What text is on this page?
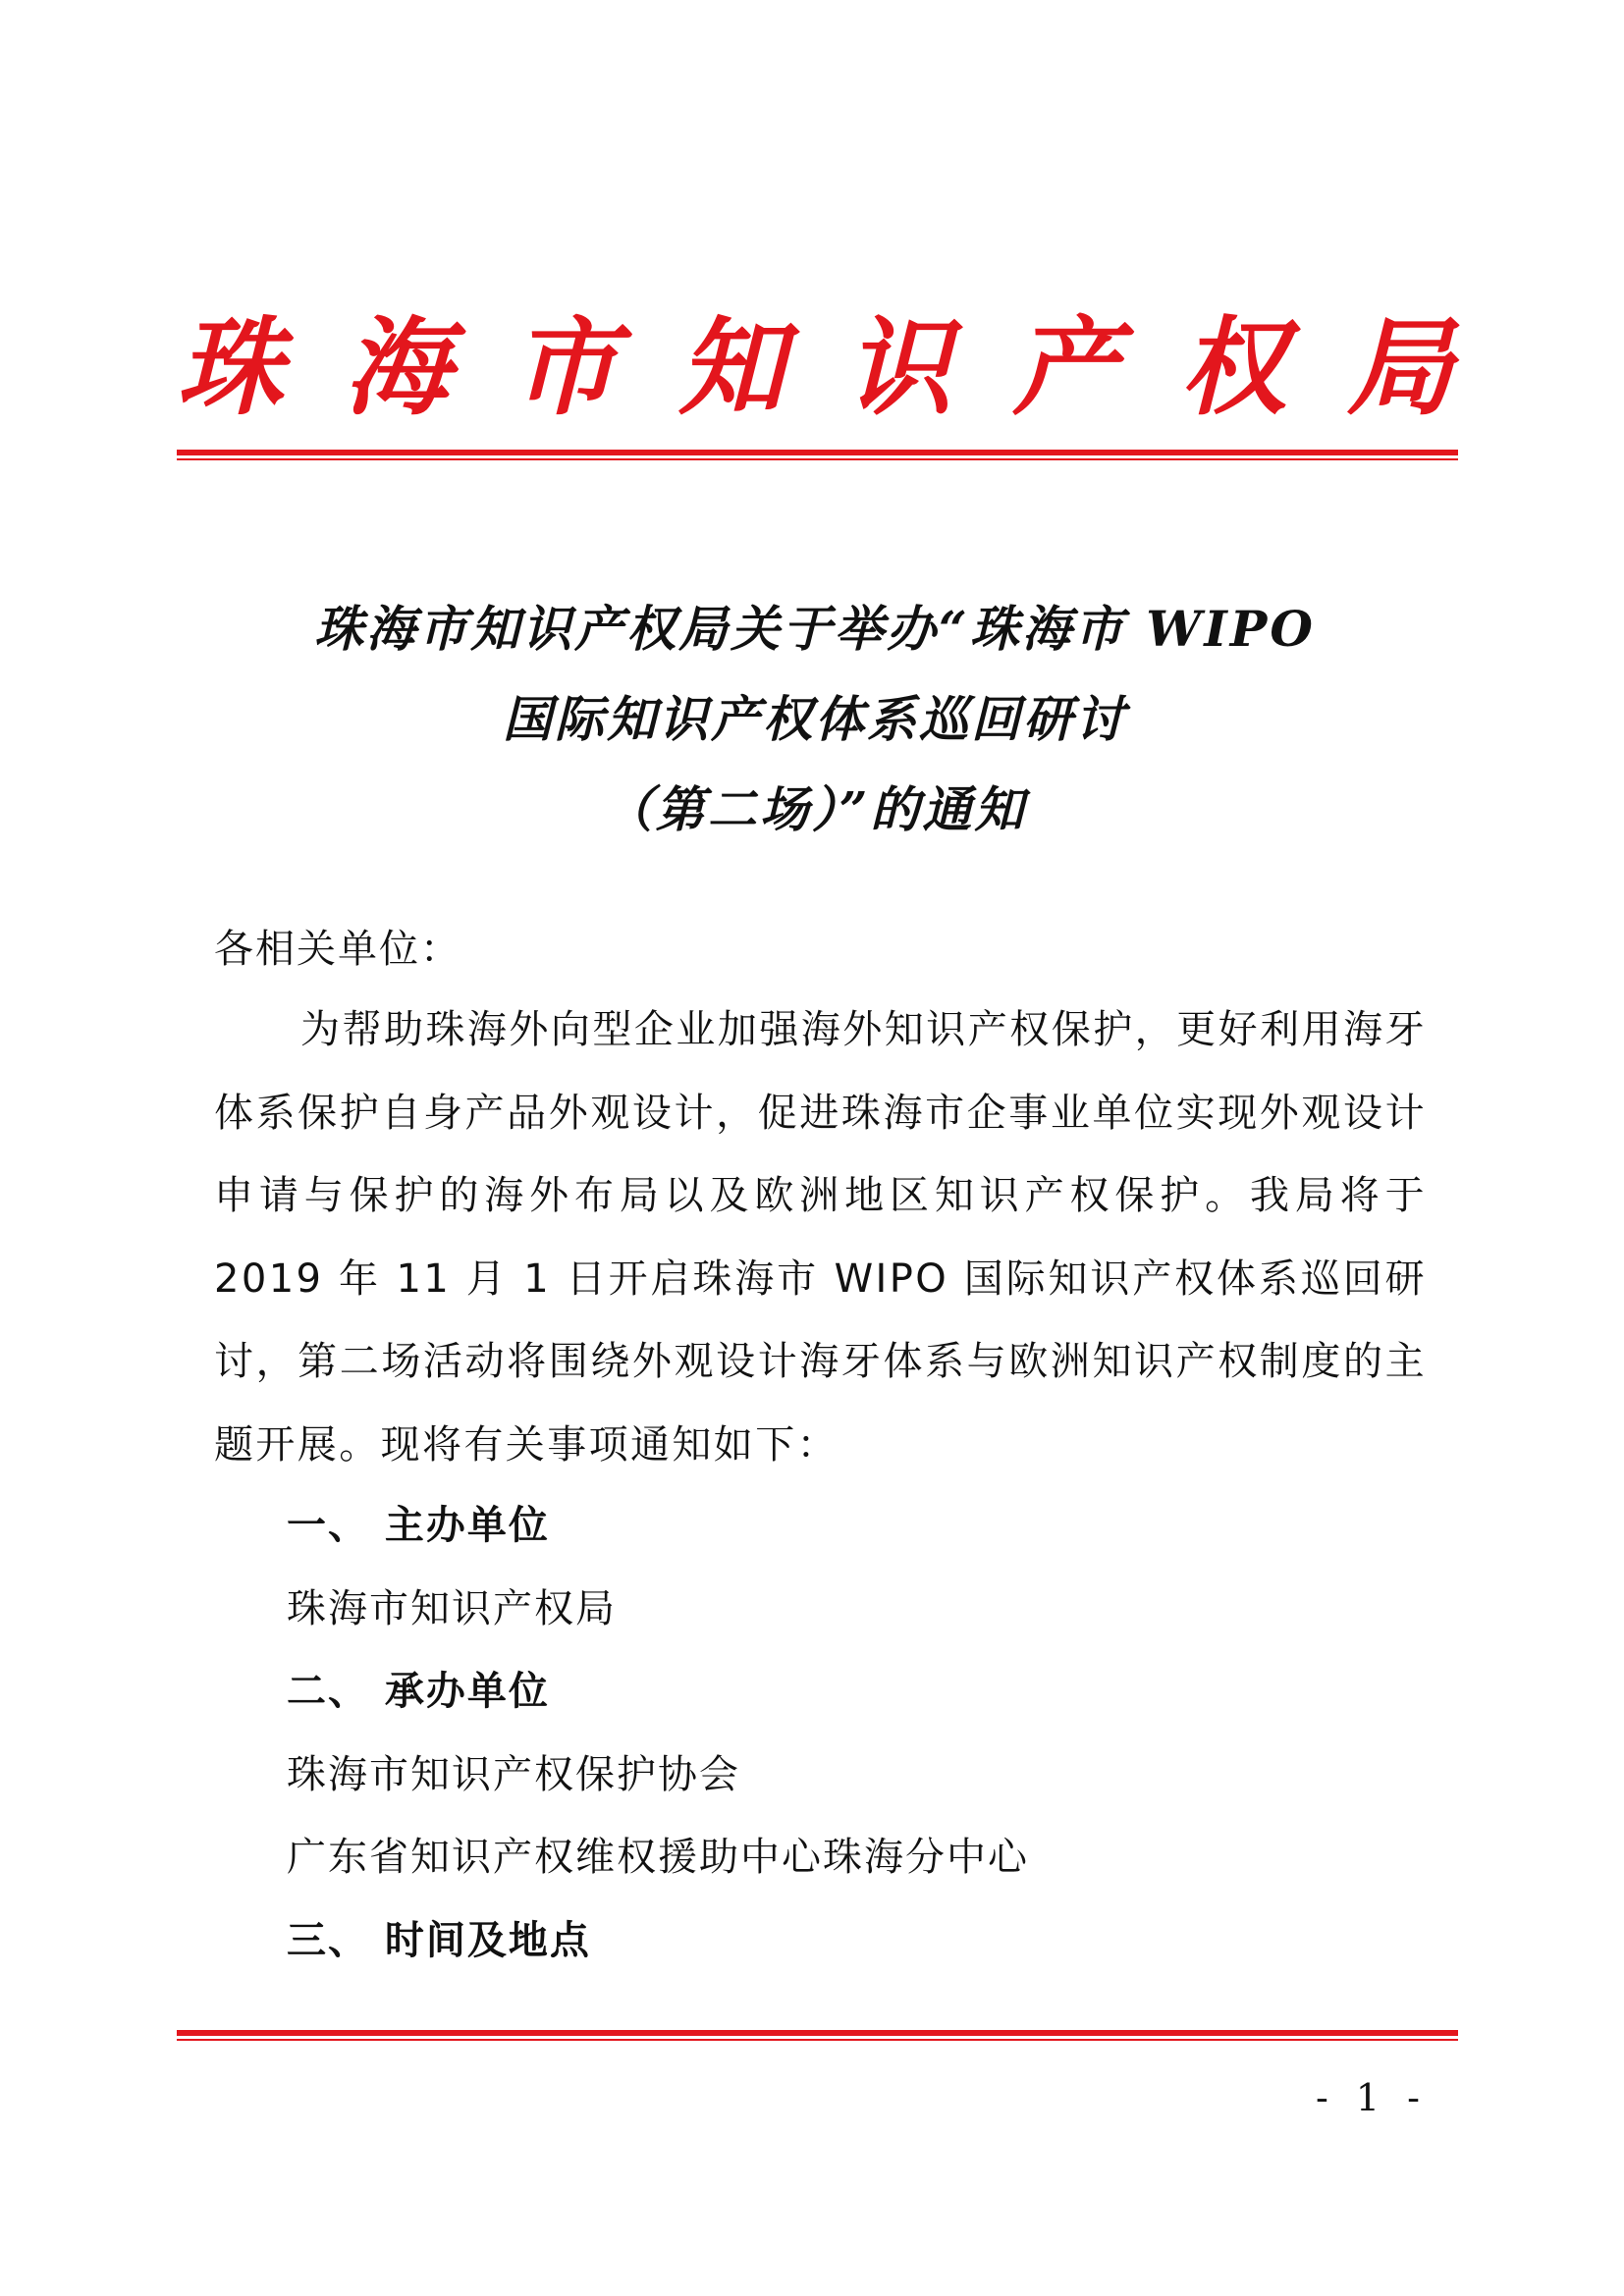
珠 海 市 知 识 产 权 局
珠海市知识产权局关于举办“珠海市 WIPO
国际知识产权体系巡回研讨
（第二场）”的通知
各相关单位：
为帮助珠海外向型企业加强海外知识产权保护，更好利用海牙体系保护自身产品外观设计，促进珠海市企事业单位实现外观设计申请与保护的海外布局以及欧洲地区知识产权保护。我局将于 2019 年 11 月 1 日开启珠海市 WIPO 国际知识产权体系巡回研讨，第二场活动将围绕外观设计海牙体系与欧洲知识产权制度的主题开展。现将有关事项通知如下：
一、 主办单位
珠海市知识产权局
二、 承办单位
珠海市知识产权保护协会
广东省知识产权维权援助中心珠海分中心
三、 时间及地点
- 1 -
